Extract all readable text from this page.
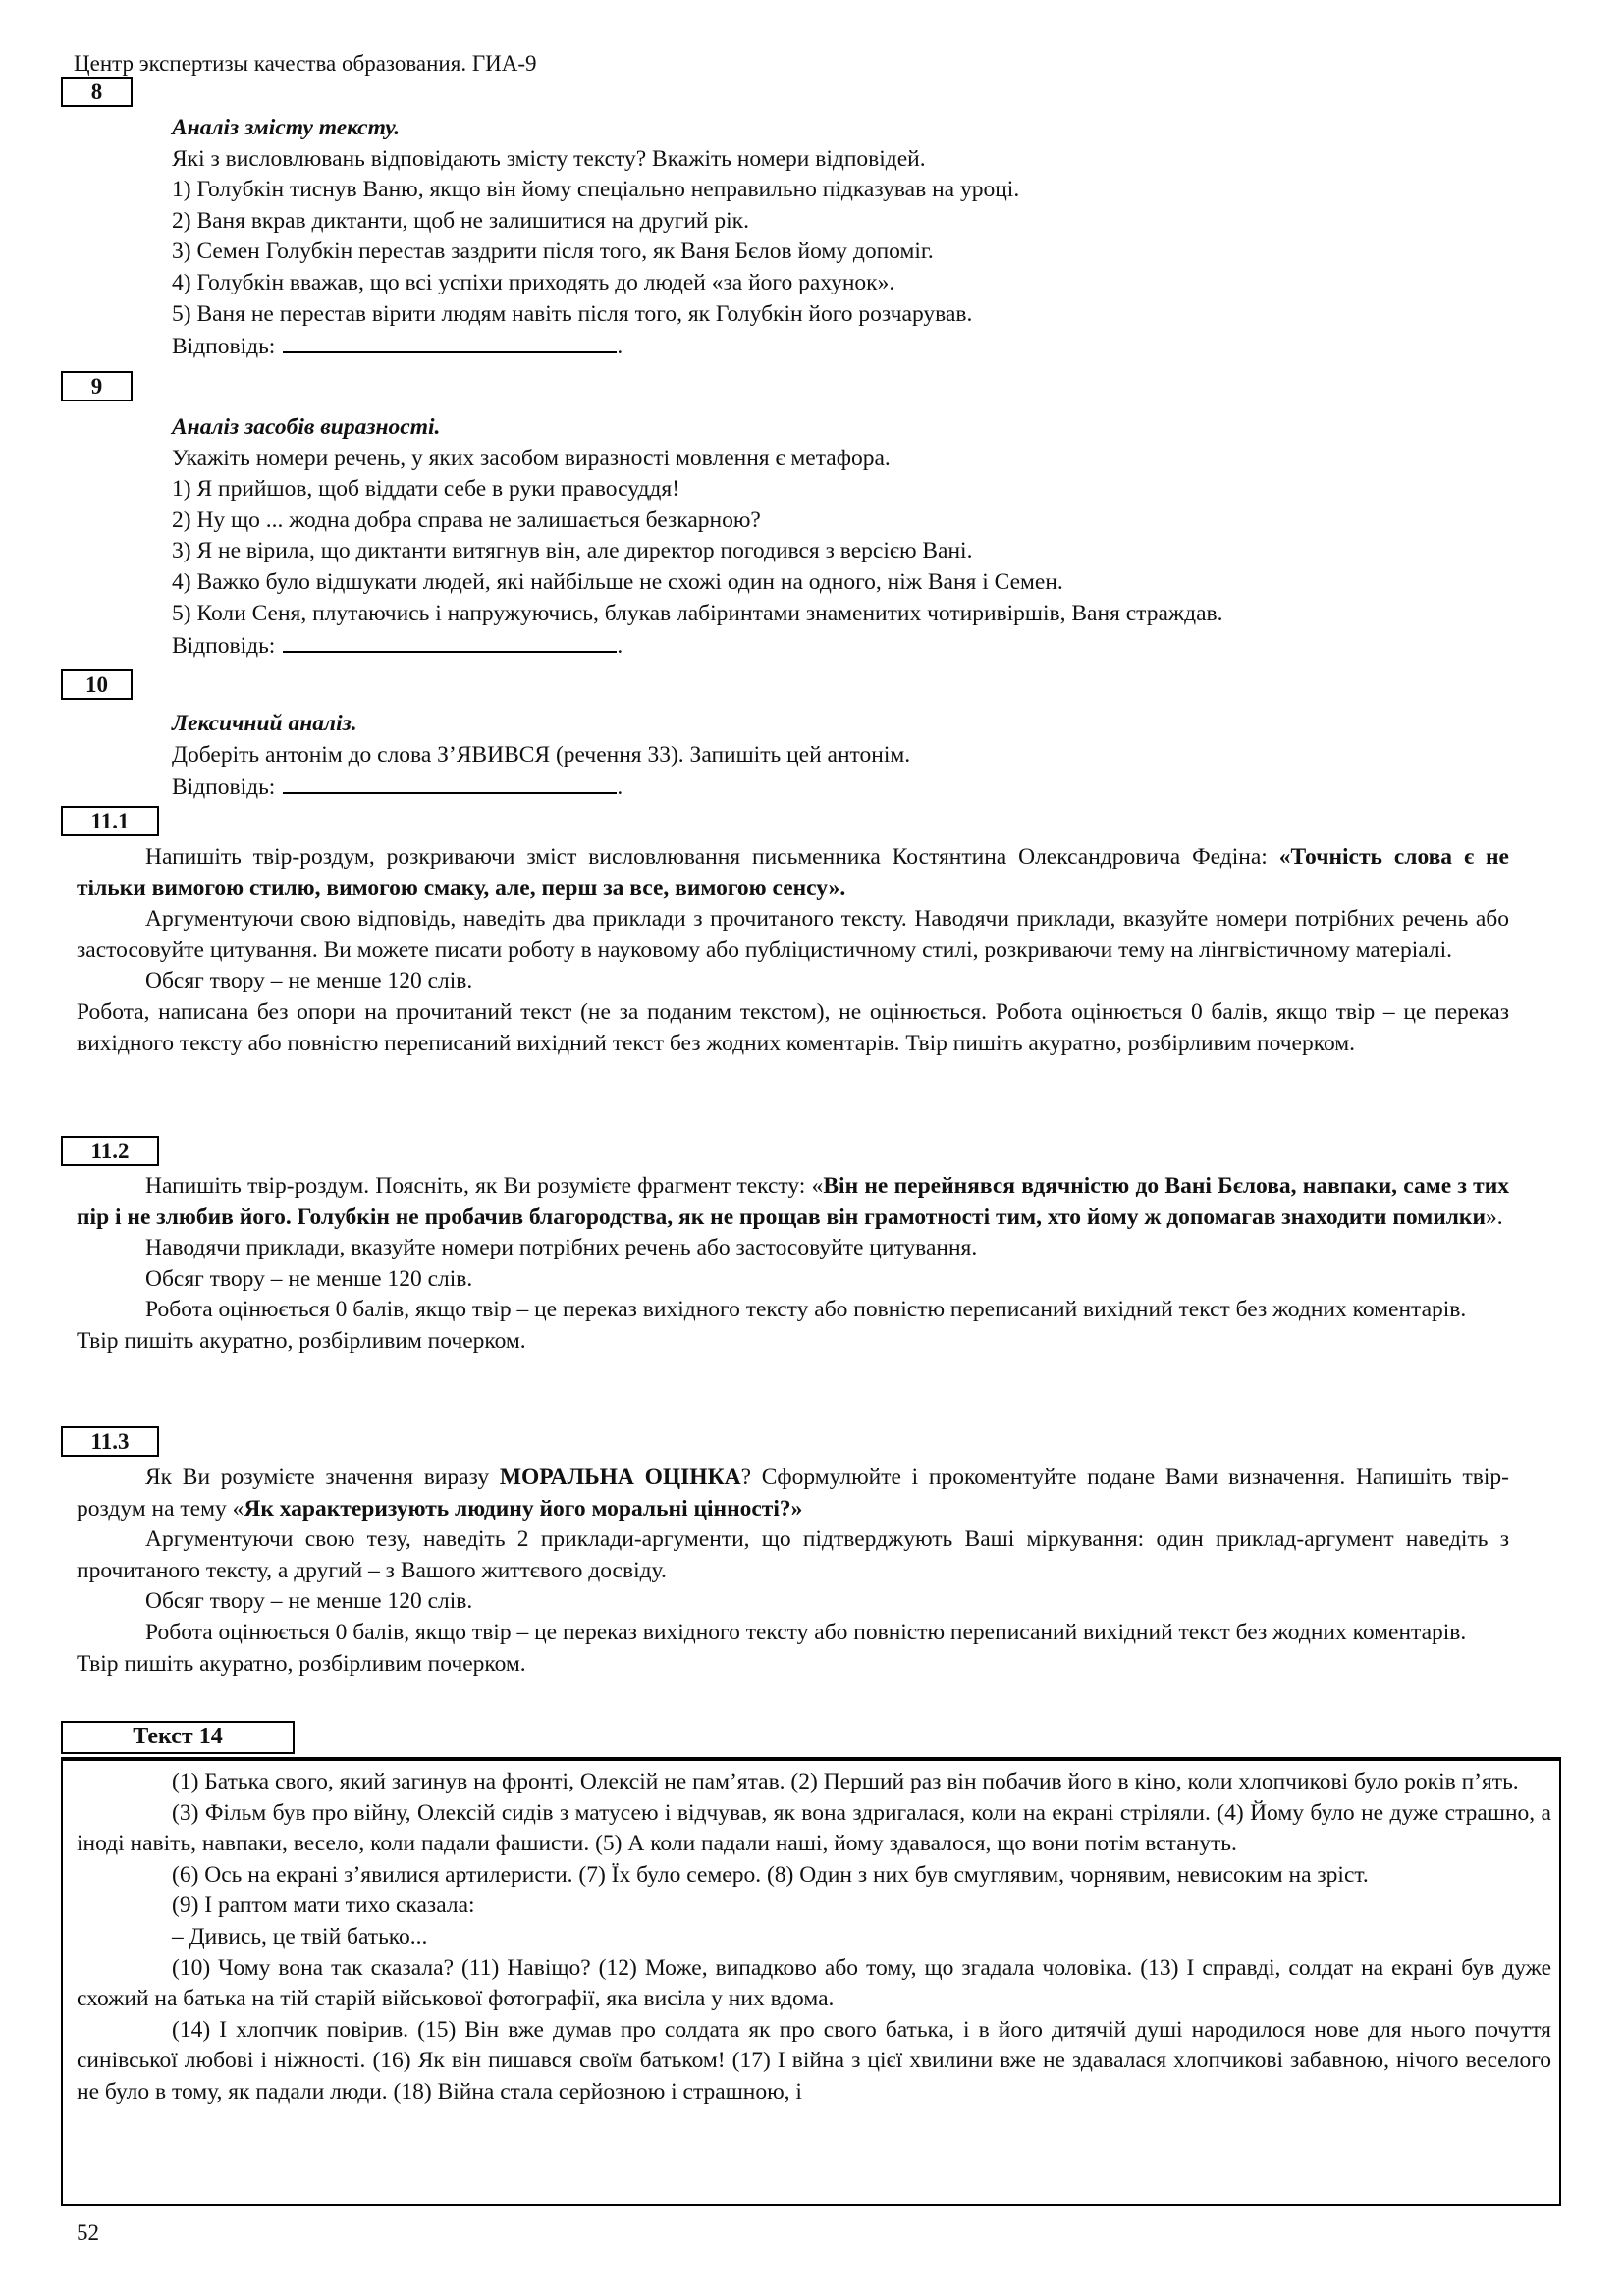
Центр экспертизы качества образования. ГИА-9
8

Аналіз змісту тексту.

Які з висловлювань відповідають змісту тексту? Вкажіть номери відповідей.

1) Голубкін тиснув Ваню, якщо він йому спеціально неправильно підказував на уроці.

2) Ваня вкрав диктанти, щоб не залишитися на другий рік.

3) Семен Голубкін перестав заздрити після того, як Ваня Бєлов йому допоміг.

4) Голубкін вважав, що всі успіхи приходять до людей «за його рахунок».

5) Ваня не перестав вірити людям навіть після того, як Голубкін його розчарував.

Відповідь:	.

9

Аналіз засобів виразності.

Укажіть номери речень, у яких засобом виразності мовлення є метафора.

1) Я прийшов, щоб віддати себе в руки правосуддя!

2) Ну що ... жодна добра справа не залишається безкарною?

3) Я не вірила, що диктанти витягнув він, але директор погодився з версією Вані.

4) Важко було відшукати людей, які найбільше не схожі один на одного, ніж Ваня і Семен.

5) Коли Сеня, плутаючись і напружуючись, блукав лабіринтами знаменитих чотиривіршів, Ваня страждав.

Відповідь:	.

10

Лексичний аналіз.

Доберіть антонім до слова З’ЯВИВСЯ (речення 33). Запишіть цей антонім.

Відповідь:	.

11.1

Напишіть твір-роздум, розкриваючи зміст висловлювання письменника Костянтина Олександровича Федіна: «Точність слова є не тільки вимогою стилю, вимогою смаку, але, перш за все, вимогою сенсу».

Аргументуючи свою відповідь, наведіть два приклади з прочитаного тексту. Наводячи приклади, вказуйте номери потрібних речень або застосовуйте цитування. Ви можете писати роботу в науковому або публіцистичному стилі, розкриваючи тему на лінгвістичному матеріалі.

Обсяг твору – не менше 120 слів.

Робота, написана без опори на прочитаний текст (не за поданим текстом), не оцінюється. Робота оцінюється 0 балів, якщо твір – це переказ вихідного тексту або повністю переписаний вихідний текст без жодних коментарів. Твір пишіть акуратно, розбірливим почерком.

11.2

Напишіть твір-роздум. Поясніть, як Ви розумієте фрагмент тексту: «Він не перейнявся вдячністю до Вані Бєлова, навпаки, саме з тих пір і не злюбив його. Голубкін не пробачив благородства, як не прощав він грамотності тим, хто йому ж допомагав знаходити помилки».

Наводячи приклади, вказуйте номери потрібних речень або застосовуйте цитування.

Обсяг твору – не менше 120 слів.

Робота оцінюється 0 балів, якщо твір – це переказ вихідного тексту або повністю переписаний вихідний текст без жодних коментарів.

Твір пишіть акуратно, розбірливим почерком.

11.3

Як Ви розумієте значення виразу МОРАЛЬНА ОЦІНКА? Сформулюйте і прокоментуйте подане Вами визначення. Напишіть твір-роздум на тему «Як характеризують людину його моральні цінності?»

Аргументуючи свою тезу, наведіть 2 приклади-аргументи, що підтверджують Ваші міркування: один приклад-аргумент наведіть з прочитаного тексту, а другий – з Вашого життєвого досвіду.

Обсяг твору – не менше 120 слів.

Робота оцінюється 0 балів, якщо твір – це переказ вихідного тексту або повністю переписаний вихідний текст без жодних коментарів.

Твір пишіть акуратно, розбірливим почерком.

Текст 14

(1) Батька свого, який загинув на фронті, Олексій не пам’ятав. (2) Перший раз він побачив його в кіно, коли хлопчикові було років п’ять.

(3) Фільм був про війну, Олексій сидів з матусею і відчував, як вона здригалася, коли на екрані стріляли. (4) Йому було не дуже страшно, а іноді навіть, навпаки, весело, коли падали фашисти. (5) А коли падали наші, йому здавалося, що вони потім встануть.

(6) Ось на екрані з’явилися артилеристи. (7) Їх було семеро. (8) Один з них був смуглявим, чорнявим, невисоким на зріст.

(9) І раптом мати тихо сказала:

– Дивись, це твій батько...

(10) Чому вона так сказала? (11) Навіщо? (12) Може, випадково або тому, що згадала чоловіка. (13) І справді, солдат на екрані був дуже схожий на батька на тій старій військової фотографії, яка висіла у них вдома.

(14) І хлопчик повірив. (15) Він вже думав про солдата як про свого батька, і в його дитячій душі народилося нове для нього почуття синівської любові і ніжності. (16) Як він пишався своїм батьком! (17) І війна з цієї хвилини вже не здавалася хлопчикові забавною, нічого веселого не було в тому, як падали люди. (18) Війна стала серйозною і страшною, і

52
